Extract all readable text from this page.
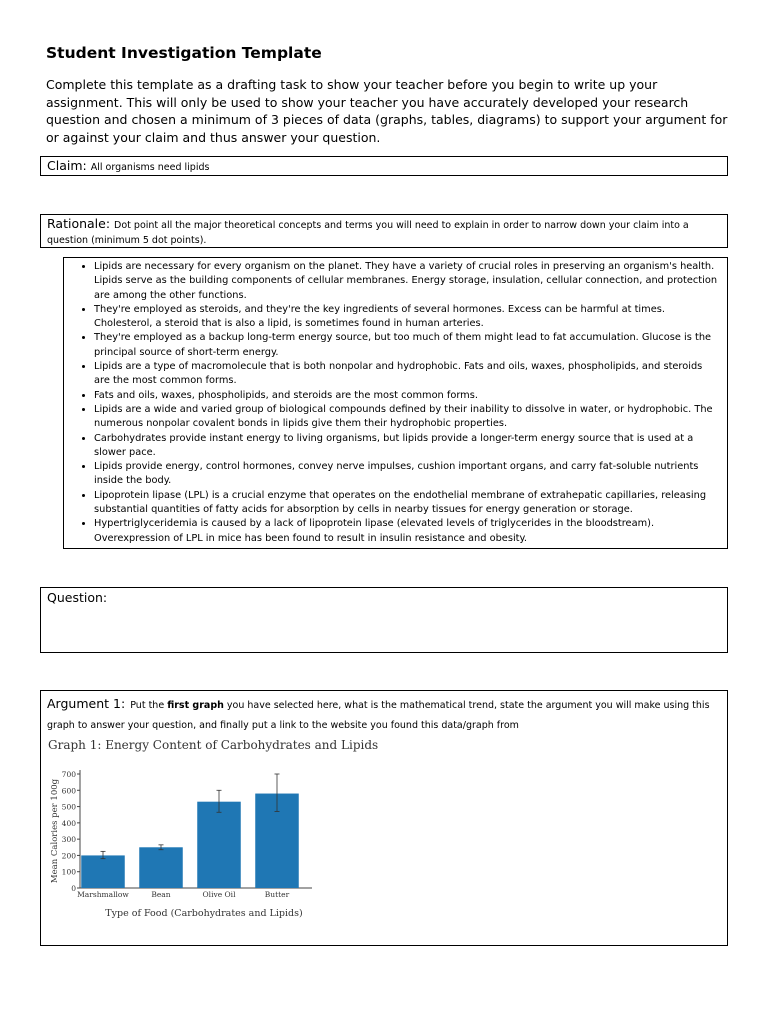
Student Investigation Template

Complete this template as a drafting task to show your teacher before you begin to write up your assignment. This will only be used to show your teacher you have accurately developed your research question and chosen a minimum of 3 pieces of data (graphs, tables, diagrams) to support your argument for or against your claim and thus answer your question.

Claim: All organisms need lipids
Rationale: Dot point all the major theoretical concepts and terms you will need to explain in order to narrow down your claim into a question (minimum 5 dot points).
• Lipids are necessary for every organism on the planet. They have a variety of crucial roles in preserving an organism's health. Lipids serve as the building components of cellular membranes. Energy storage, insulation, cellular connection, and protection are among the other functions.
• They're employed as steroids, and they're the key ingredients of several hormones. Excess can be harmful at times. Cholesterol, a steroid that is also a lipid, is sometimes found in human arteries.
• They're employed as a backup long-term energy source, but too much of them might lead to fat accumulation. Glucose is the principal source of short-term energy.
• Lipids are a type of macromolecule that is both nonpolar and hydrophobic. Fats and oils, waxes, phospholipids, and steroids are the most common forms.
• Fats and oils, waxes, phospholipids, and steroids are the most common forms.
• Lipids are a wide and varied group of biological compounds defined by their inability to dissolve in water, or hydrophobic. The numerous nonpolar covalent bonds in lipids give them their hydrophobic properties.
• Carbohydrates provide instant energy to living organisms, but lipids provide a longer-term energy source that is used at a slower pace.
• Lipids provide energy, control hormones, convey nerve impulses, cushion important organs, and carry fat-soluble nutrients inside the body.
• Lipoprotein lipase (LPL) is a crucial enzyme that operates on the endothelial membrane of extrahepatic capillaries, releasing substantial quantities of fatty acids for absorption by cells in nearby tissues for energy generation or storage.
• Hypertriglyceridemia is caused by a lack of lipoprotein lipase (elevated levels of triglycerides in the bloodstream). Overexpression of LPL in mice has been found to result in insulin resistance and obesity.
Question:
Argument 1: Put the first graph you have selected here, what is the mathematical trend, state the argument you will make using this graph to answer your question, and finally put a link to the website you found this data/graph from
Graph 1: Energy Content of Carbohydrates and Lipids
0
100
200
300
400
500
600
700
Marshmallow	Bean	Olive Oil	Butter
Type of Food (Carbohydrates and Lipids)
Mean Calories per 100g
